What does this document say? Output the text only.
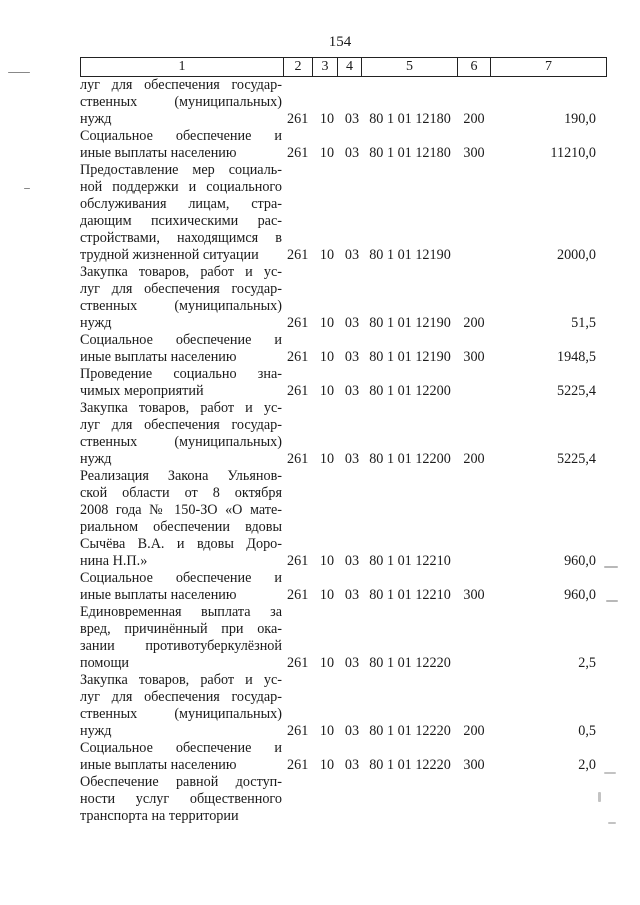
154
1	2	3	4	5	6	7
луг для обеспечения государ-
ственных (муниципальных)
нужд	261 10 03 80 1 01 12180 200	190,0
Социальное обеспечение и
иные выплаты населению	261 10 03 80 1 01 12180 300	11210,0
Предоставление мер социаль-
ной поддержки и социального
обслуживания лицам, стра-
дающим психическими рас-
стройствами, находящимся в
трудной жизненной ситуации	261 10 03 80 1 01 12190	2000,0
Закупка товаров, работ и ус-
луг для обеспечения государ-
ственных (муниципальных)
нужд	261 10 03 80 1 01 12190 200	51,5
Социальное обеспечение и
иные выплаты населению	261 10 03 80 1 01 12190 300	1948,5
Проведение социально зна-
чимых мероприятий	261 10 03 80 1 01 12200	5225,4
Закупка товаров, работ и ус-
луг для обеспечения государ-
ственных (муниципальных)
нужд	261 10 03 80 1 01 12200 200	5225,4
Реализация Закона Ульянов-
ской области от 8 октября
2008 года № 150-ЗО «О мате-
риальном обеспечении вдовы
Сычёва В.А. и вдовы Доро-
нина Н.П.»	261 10 03 80 1 01 12210	960,0
Социальное обеспечение и
иные выплаты населению	261 10 03 80 1 01 12210 300	960,0
Единовременная выплата за
вред, причинённый при ока-
зании противотуберкулёзной
помощи	261 10 03 80 1 01 12220	2,5
Закупка товаров, работ и ус-
луг для обеспечения государ-
ственных (муниципальных)
нужд	261 10 03 80 1 01 12220 200	0,5
Социальное обеспечение и
иные выплаты населению	261 10 03 80 1 01 12220 300	2,0
Обеспечение равной доступ-
ности услуг общественного
транспорта на территории
